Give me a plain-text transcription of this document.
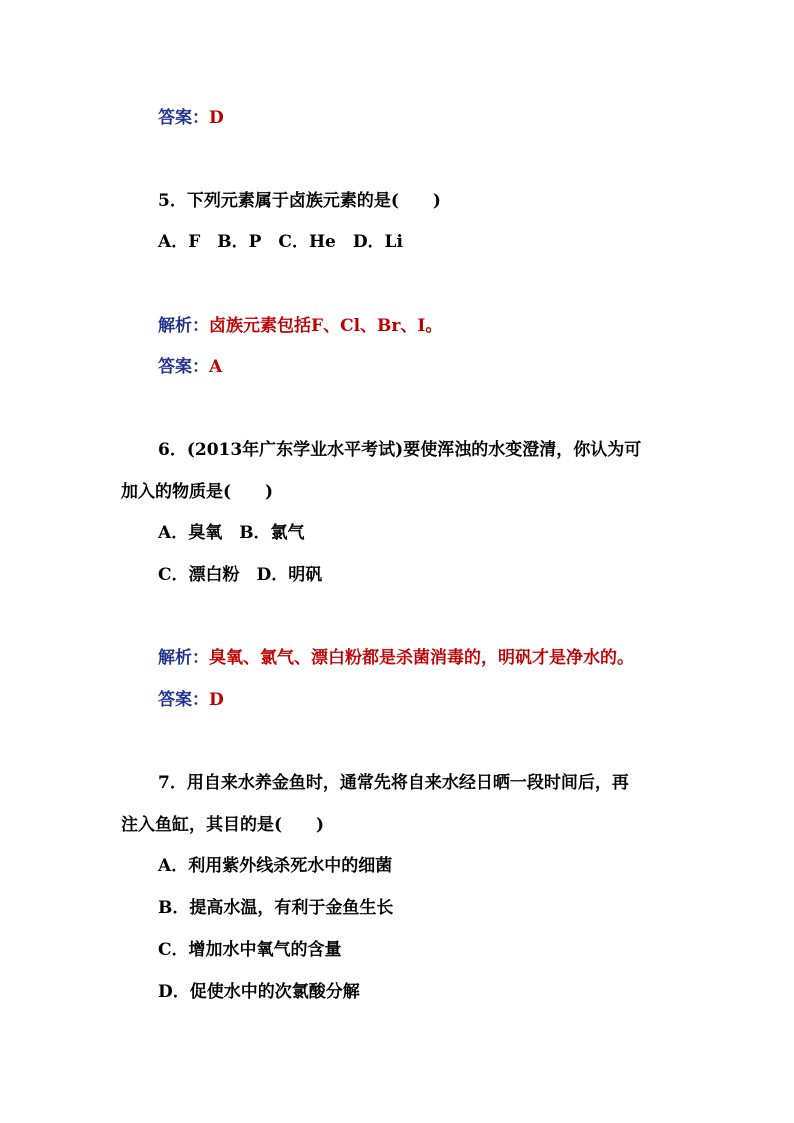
答案：D
5．下列元素属于卤族元素的是(　　)
A．F　B．P　C．He　D．Li
解析：卤族元素包括F、Cl、Br、I。
答案：A
6．(2013年广东学业水平考试)要使浑浊的水变澄清，你认为可
加入的物质是(　　)
A．臭氧　B．氯气
C．漂白粉　D．明矾
解析：臭氧、氯气、漂白粉都是杀菌消毒的，明矾才是净水的。
答案：D
7．用自来水养金鱼时，通常先将自来水经日晒一段时间后，再
注入鱼缸，其目的是(　　)
A．利用紫外线杀死水中的细菌
B．提高水温，有利于金鱼生长
C．增加水中氧气的含量
D．促使水中的次氯酸分解
